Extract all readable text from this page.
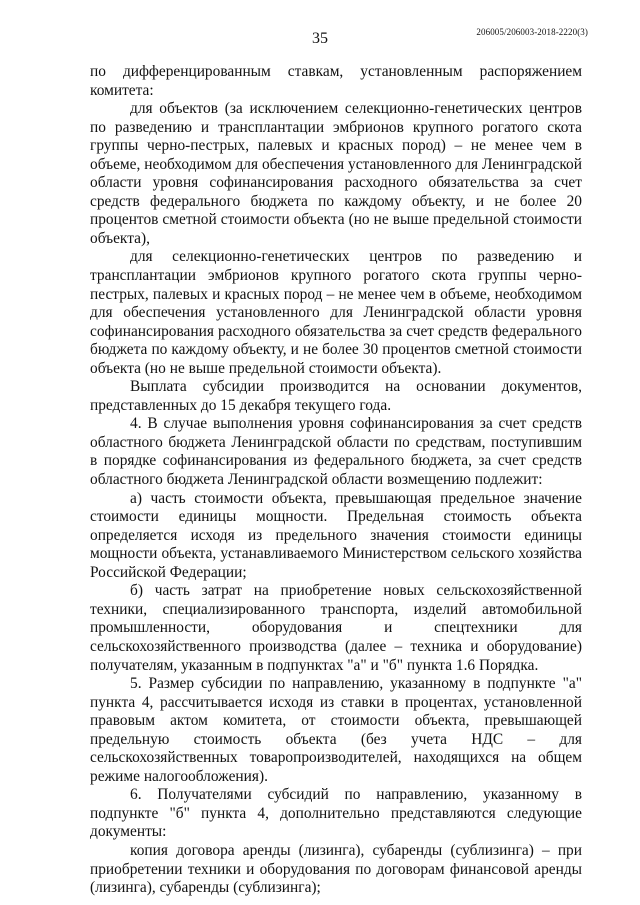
35	206005/206003-2018-2220(3)

по дифференцированным ставкам, установленным распоряжением комитета:

для объектов (за исключением селекционно-генетических центров по разведению и трансплантации эмбрионов крупного рогатого скота группы черно-пестрых, палевых и красных пород) – не менее чем в объеме, необходимом для обеспечения установленного для Ленинградской области уровня софинансирования расходного обязательства за счет средств федерального бюджета по каждому объекту, и не более 20 процентов сметной стоимости объекта (но не выше предельной стоимости объекта),

для селекционно-генетических центров по разведению и трансплантации эмбрионов крупного рогатого скота группы черно-пестрых, палевых и красных пород – не менее чем в объеме, необходимом для обеспечения установленного для Ленинградской области уровня софинансирования расходного обязательства за счет средств федерального бюджета по каждому объекту, и не более 30 процентов сметной стоимости объекта (но не выше предельной стоимости объекта).

Выплата субсидии производится на основании документов, представленных до 15 декабря текущего года.

4. В случае выполнения уровня софинансирования за счет средств областного бюджета Ленинградской области по средствам, поступившим в порядке софинансирования из федерального бюджета, за счет средств областного бюджета Ленинградской области возмещению подлежит:

а) часть стоимости объекта, превышающая предельное значение стоимости единицы мощности. Предельная стоимость объекта определяется исходя из предельного значения стоимости единицы мощности объекта, устанавливаемого Министерством сельского хозяйства Российской Федерации;

б) часть затрат на приобретение новых сельскохозяйственной техники, специализированного транспорта, изделий автомобильной промышленности, оборудования и спецтехники для сельскохозяйственного производства (далее – техника и оборудование) получателям, указанным в подпунктах "а" и "б" пункта 1.6 Порядка.

5. Размер субсидии по направлению, указанному в подпункте "а" пункта 4, рассчитывается исходя из ставки в процентах, установленной правовым актом комитета, от стоимости объекта, превышающей предельную стоимость объекта (без учета НДС – для сельскохозяйственных товаропроизводителей, находящихся на общем режиме налогообложения).

6. Получателями субсидий по направлению, указанному в подпункте "б" пункта 4, дополнительно представляются следующие документы:

копия договора аренды (лизинга), субаренды (сублизинга) – при приобретении техники и оборудования по договорам финансовой аренды (лизинга), субаренды (сублизинга);
